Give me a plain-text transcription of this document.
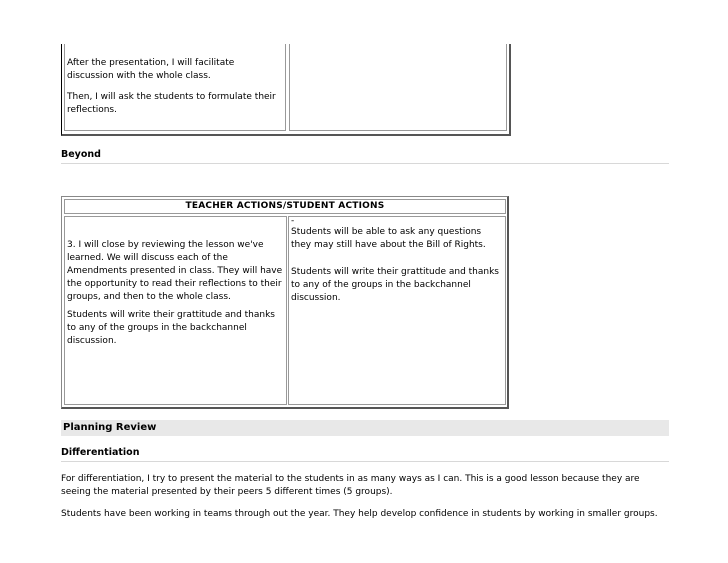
After the presentation, I will facilitate discussion with the whole class.

Then, I will ask the students to formulate their reflections.

Beyond
TEACHER ACTIONS/STUDENT ACTIONS

3. I will close by reviewing the lesson we've learned. We will discuss each of the Amendments presented in class. They will have the opportunity to read their reflections to their groups, and then to the whole class.

Students will write their grattitude and thanks to any of the groups in the backchannel discussion.

-

Students will be able to ask any questions they may still have about the Bill of Rights.

Students will write their grattitude and thanks to any of the groups in the backchannel discussion.

Planning Review
Differentiation

For differentiation, I try to present the material to the students in as many ways as I can. This is a good lesson because they are seeing the material presented by their peers 5 different times (5 groups).

Students have been working in teams through out the year. They help develop confidence in students by working in smaller groups.
